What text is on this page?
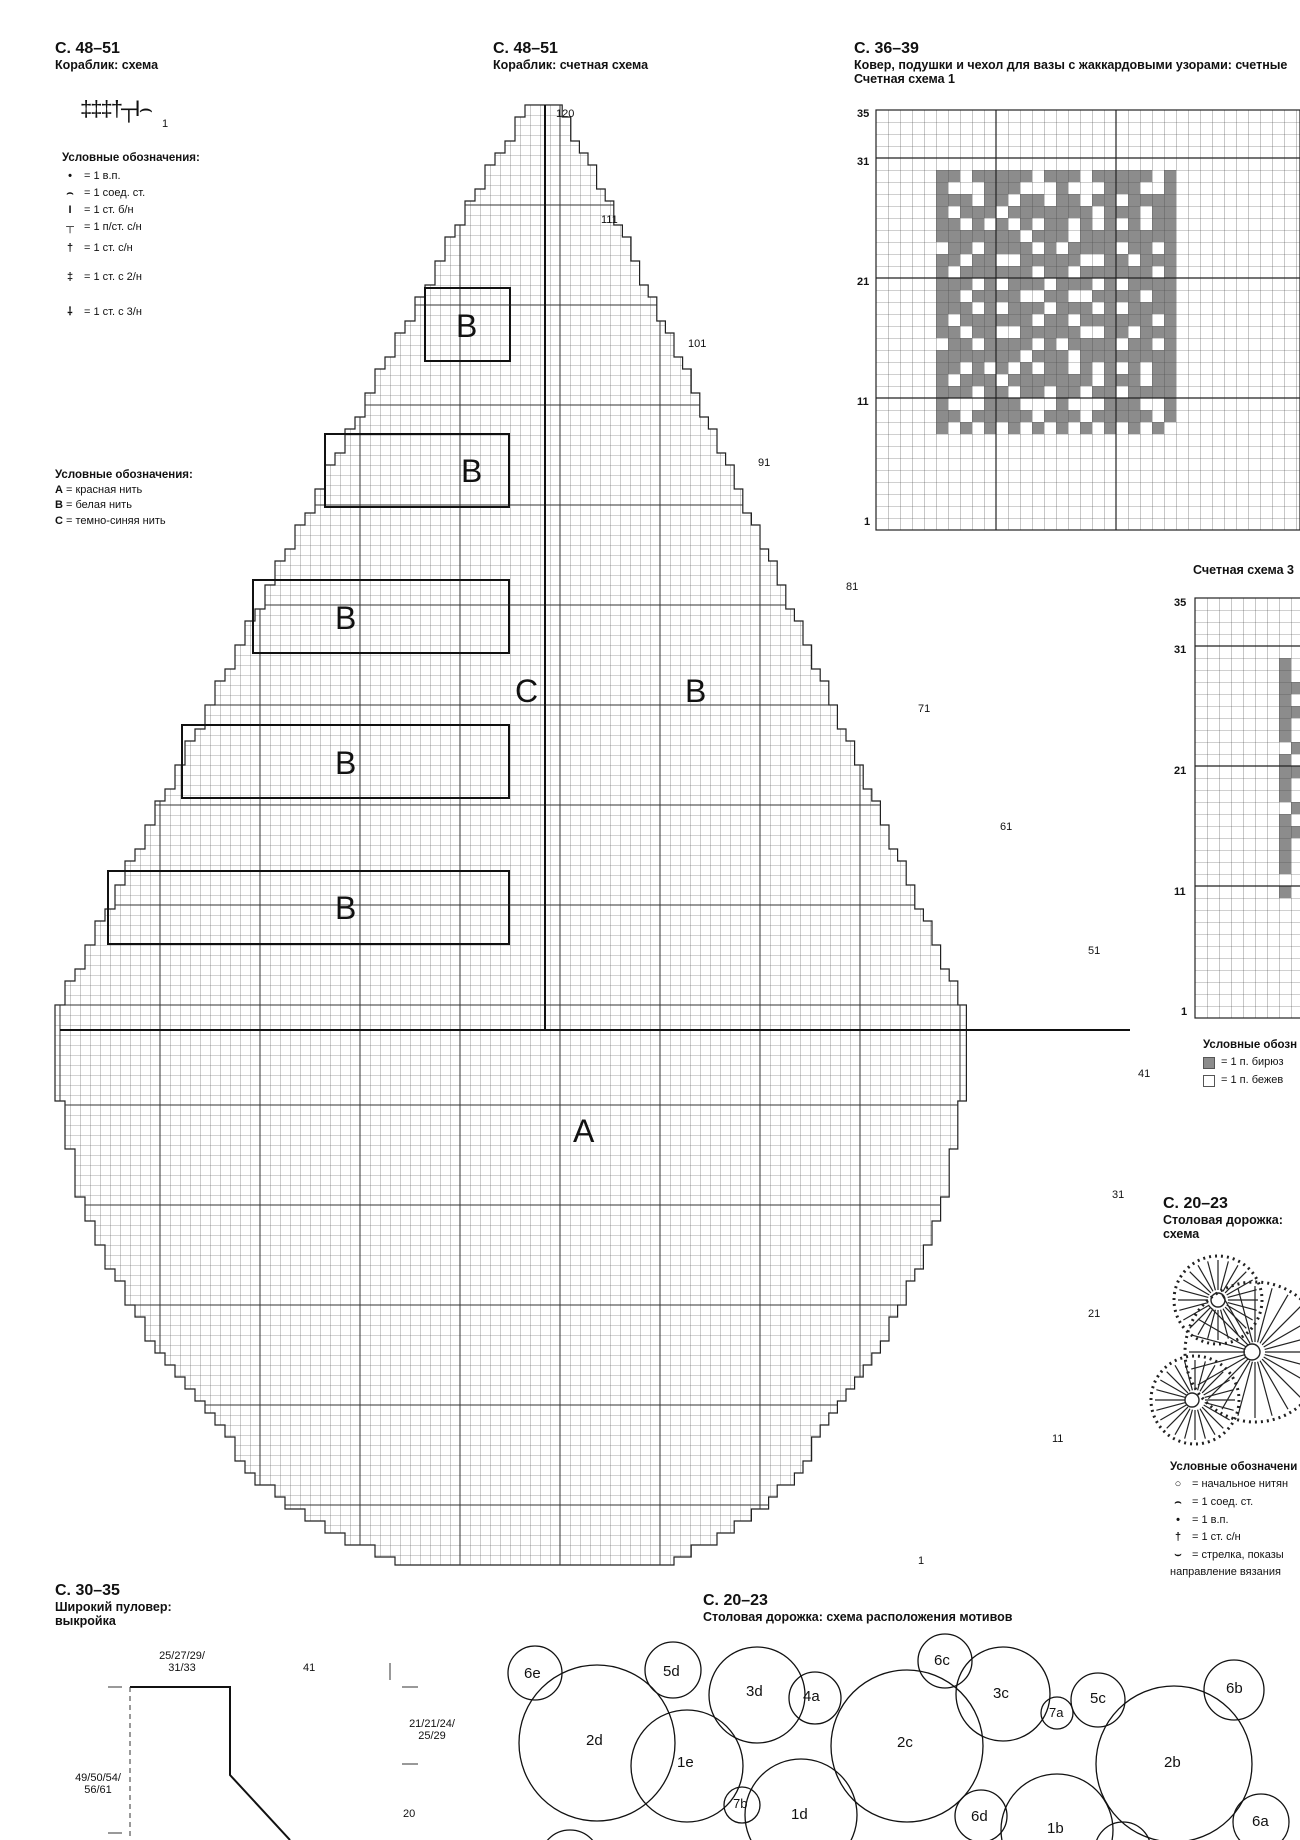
С. 48–51
Кораблик: схема
С. 48–51
Кораблик: счетная схема
С. 36–39
Ковер, подушки и чехол для вазы с жаккардовыми узорами: счетные
Счетная схема 1
Счетная схема 3
С. 20–23
Столовая дорожка:
схема
С. 30–35
Широкий пуловер:
выкройка
С. 20–23
Столовая дорожка: схема расположения мотивов
‡‡‡†┬I⌢
1
Условные обозначения:
•	= 1 в.п.
⌢ = 1 соед. ст.
I	= 1 ст. б/н
┬ = 1 п/ст. с/н
† = 1 ст. с/н
‡ = 1 ст. с 2/н
⸸	= 1 ст. с 3/н
Условные обозначения:
A = красная нить
B = белая нить
C = темно-синяя нить
B
B
B
B
B
C	B
A
120
111
101
91
81
71
61
51
41
31
21
11
1
35
31
21
11
1
35
31
21
11
1
Условные обозн
= 1 п. бирюз
= 1 п. бежев
Условные обозначени
○ = начальное нитян
⌢ = 1 соед. ст.
•	= 1 в.п.
† = 1 ст. с/н
⌣ = стрелка, показы
направление вязания
25/27/29/ 31/33	41
21/21/24/ 25/29
49/50/54/ 56/61
20
6e	5d
3d	4a
6c
3c
7a
5c
6b
2d
1e
2c
1d
7b
6d
1b
2b
6a
